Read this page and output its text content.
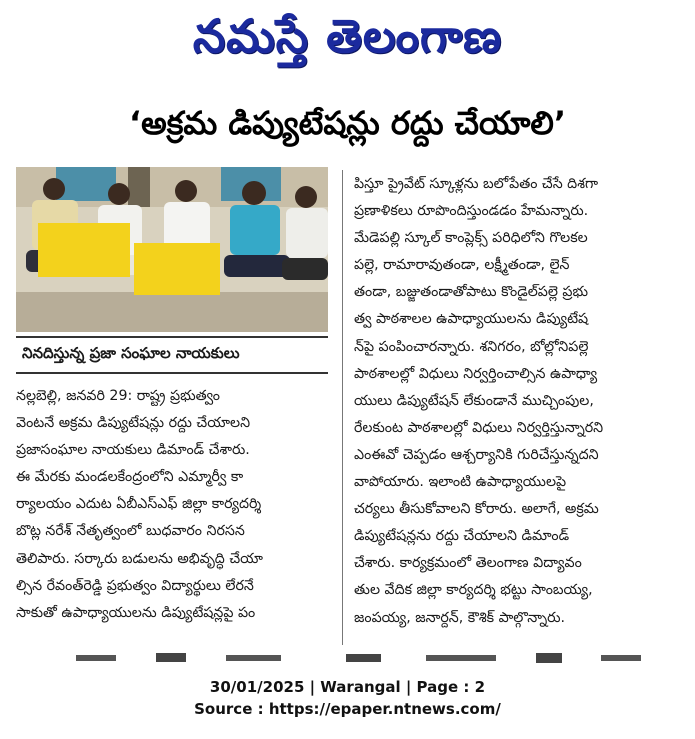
నమస్తే తెలంగాణ
‘అక్రమ డిప్యుటేషన్లు రద్దు చేయాలి’
నినదిస్తున్న ప్రజా సంఘాల నాయకులు
నల్లబెల్లి, జనవరి 29: రాష్ట్ర ప్రభుత్వం
వెంటనే అక్రమ డిప్యుటేషన్లు రద్దు చేయాలని
ప్రజాసంఘాల నాయకులు డిమాండ్ చేశారు.
ఈ మేరకు మండలకేంద్రంలోని ఎమ్మార్వీ కా
ర్యాలయం ఎదుట ఏబీఎస్‌ఎఫ్ జిల్లా కార్యదర్శి
బొట్ల నరేశ్ నేతృత్వంలో బుధవారం నిరసన
తెలిపారు. సర్కారు బడులను అభివృద్ధి చేయా
ల్సిన రేవంత్‌రెడ్డి ప్రభుత్వం విద్యార్థులు లేరనే
సాకుతో ఉపాధ్యాయులను డిప్యుటేషన్లపై పం
పిస్తూ ప్రైవేట్ స్కూళ్లను బలోపేతం చేసే దిశగా
ప్రణాళికలు రూపొందిస్తుండడం హేమన్నారు.
మేడెపల్లి స్కూల్ కాంప్లెక్స్ పరిధిలోని గొలకల
పల్లె, రామారావుతండా, లక్ష్మీతండా, లైన్
తండా, బజ్జుతండాతోపాటు కొండైల్‌పల్లె ప్రభు
త్వ పాఠశాలల ఉపాధ్యాయులను డిప్యుటేష
న్‌పై పంపించారన్నారు. శనిగరం, బోల్లోనిపల్లె
పాఠశాలల్లో విధులు నిర్వర్తించాల్సిన ఉపాధ్యా
యులు డిప్యుటేషన్ లేకుండానే ముచ్చింపుల,
రేలకుంట పాఠశాలల్లో విధులు నిర్వర్తిస్తున్నారని
ఎంఈవో చెప్పడం ఆశ్చర్యానికి గురిచేస్తున్నదని
వాపోయారు. ఇలాంటి ఉపాధ్యాయులపై
చర్యలు తీసుకోవాలని కోరారు. అలాగే, అక్రమ
డిప్యుటేషన్లను రద్దు చేయాలని డిమాండ్
చేశారు. కార్యక్రమంలో తెలంగాణ విద్యావం
తుల వేదిక జిల్లా కార్యదర్శి భట్టు సాంబయ్య,
జంపయ్య, జనార్దన్, కౌశిక్ పాల్గొన్నారు.
30/01/2025 | Warangal | Page : 2
Source : https://epaper.ntnews.com/
